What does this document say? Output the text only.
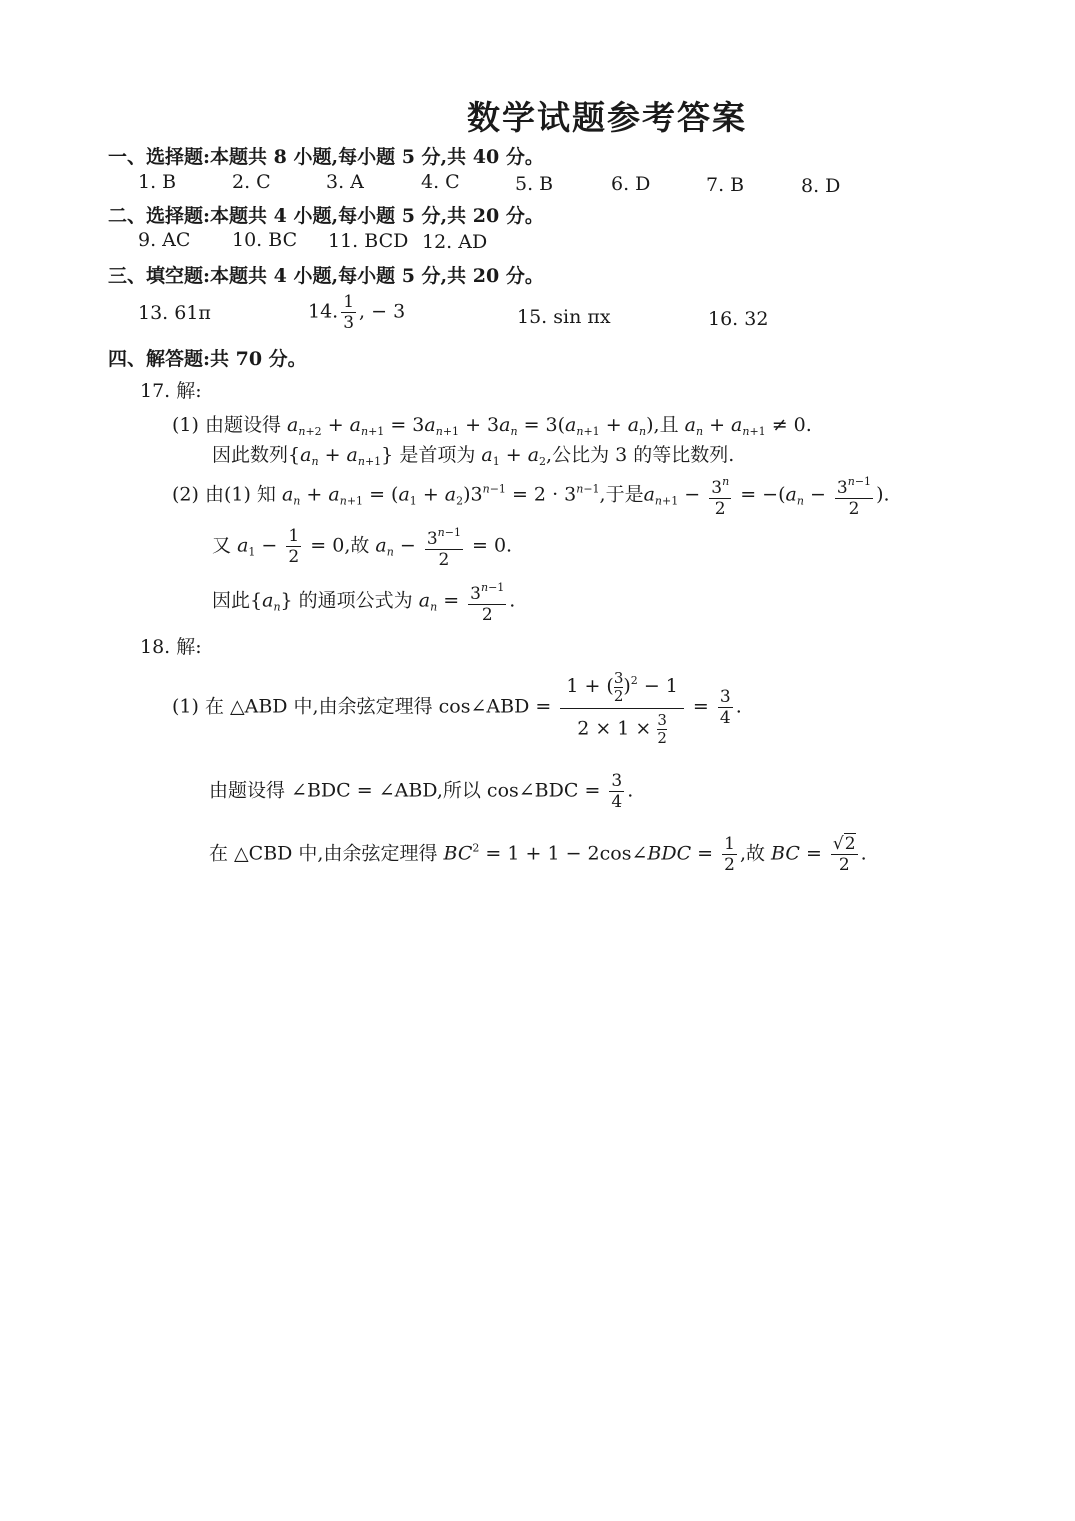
数学试题参考答案
一、选择题:本题共 8 小题,每小题 5 分,共 40 分。
1. B	2. C	3. A	4. C	5. B	6. D	7. B	8. D
二、选择题:本题共 4 小题,每小题 5 分,共 20 分。
9. AC 10. BC 11. BCD 12. AD
三、填空题:本题共 4 小题,每小题 5 分,共 20 分。
13. 61π	14. $\frac{1}{3}$ , − 3	15. sin πx	16. 32
四、解答题:共 70 分。
17. 解:
(1) 由题设得 $a_{n+2} + a_{n+1} = 3a_{n+1} + 3a_n = 3(a_{n+1} + a_n)$,且 $a_n + a_{n+1} \ne 0$.
因此数列$\{a_n + a_{n+1}\}$ 是首项为 $a_1 + a_2$,公比为 3 的等比数列.
(2) 由(1) 知 $a_n + a_{n+1} = (a_1 + a_2)3^{n-1} = 2 \cdot 3^{n-1}$,于是$a_{n+1} - \frac{3^n}{2} = -(a_n - \frac{3^{n-1}}{2}$ ).
又 $a_1 - \frac{1}{2} = 0$,故 $a_n - \frac{3^{n-1}}{2} = 0$.
因此$\{a_n\}$ 的通项公式为 $a_n = \frac{3^{n-1}}{2}$ .
18. 解:
(1) 在 △ABD 中,由余弦定理得 cos∠ABD = $\frac{1 + ( \frac{3}{2} )^2 - 1}{2 \times 1 \times \frac{3}{2}} = \frac{3}{4}$ .
由题设得 ∠BDC = ∠ABD,所以 cos∠BDC = $\frac{3}{4}$ .
在 △CBD 中,由余弦定理得 $BC^2 = 1 + 1$ − 2cos∠BDC = $\frac{1}{2}$ ,故 BC = $\frac{√2}{2}$ .
